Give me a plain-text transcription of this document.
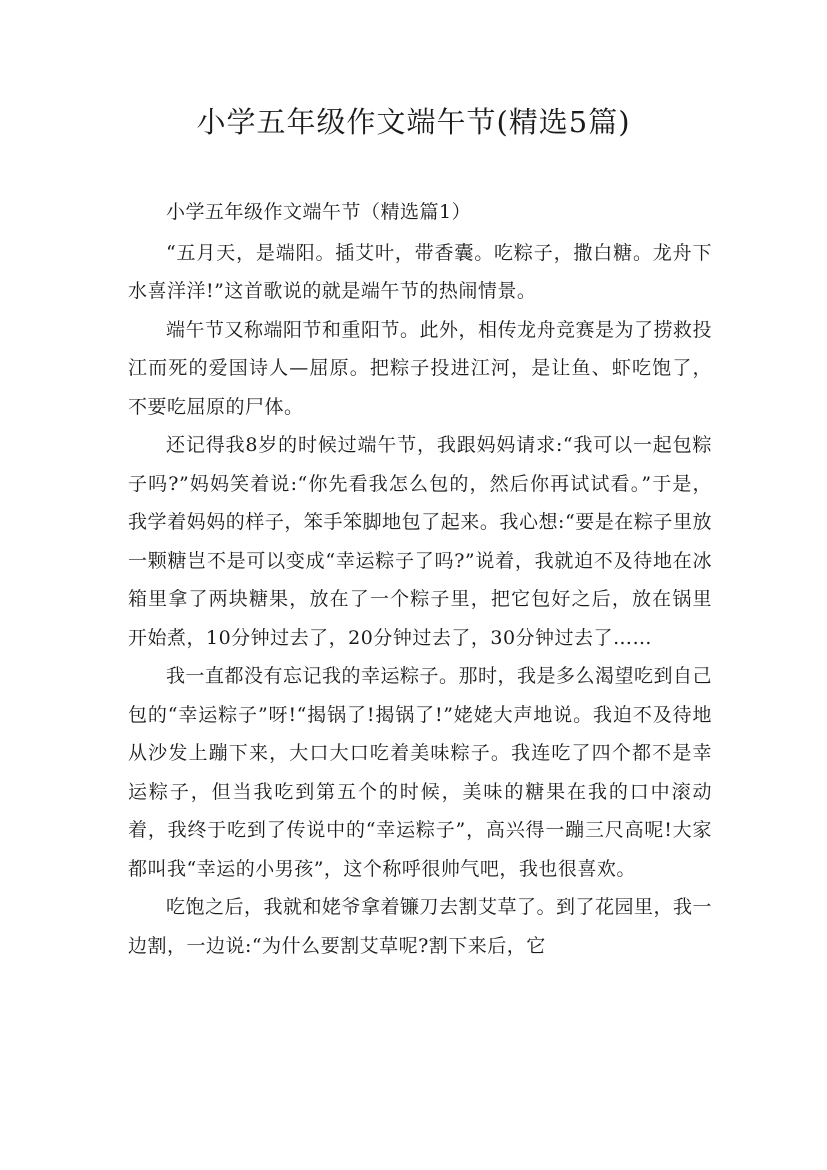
小学五年级作文端午节(精选5篇)

小学五年级作文端午节（精选篇1）

“五月天，是端阳。插艾叶，带香囊。吃粽子，撒白糖。龙舟下水喜洋洋!”这首歌说的就是端午节的热闹情景。

端午节又称端阳节和重阳节。此外，相传龙舟竞赛是为了捞救投江而死的爱国诗人—屈原。把粽子投进江河，是让鱼、虾吃饱了，不要吃屈原的尸体。

还记得我8岁的时候过端午节，我跟妈妈请求:“我可以一起包粽子吗?”妈妈笑着说:“你先看我怎么包的，然后你再试试看。”于是，我学着妈妈的样子，笨手笨脚地包了起来。我心想:“要是在粽子里放一颗糖岂不是可以变成“幸运粽子了吗?”说着，我就迫不及待地在冰箱里拿了两块糖果，放在了一个粽子里，把它包好之后，放在锅里开始煮，10分钟过去了，20分钟过去了，30分钟过去了……

我一直都没有忘记我的幸运粽子。那时，我是多么渴望吃到自己包的“幸运粽子”呀!“揭锅了!揭锅了!”姥姥大声地说。我迫不及待地从沙发上蹦下来，大口大口吃着美味粽子。我连吃了四个都不是幸运粽子，但当我吃到第五个的时候，美味的糖果在我的口中滚动着，我终于吃到了传说中的“幸运粽子”，高兴得一蹦三尺高呢!大家都叫我“幸运的小男孩”，这个称呼很帅气吧，我也很喜欢。

吃饱之后，我就和姥爷拿着镰刀去割艾草了。到了花园里，我一边割，一边说:“为什么要割艾草呢?割下来后，它
